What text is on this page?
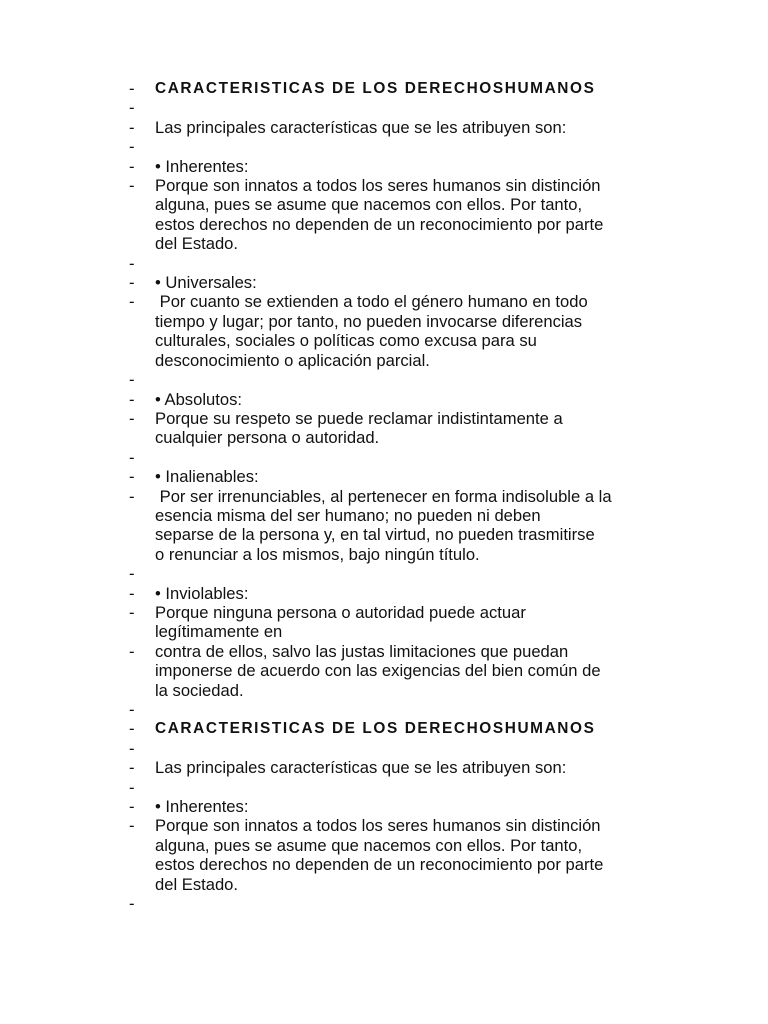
-	CARACTERISTICAS DE LOS DERECHOSHUMANOS
-
-	Las principales características que se les atribuyen son:
-
-	• Inherentes:
-	Porque son innatos a todos los seres humanos sin distinción
alguna, pues se asume que nacemos con ellos. Por tanto,
estos derechos no dependen de un reconocimiento por parte
del Estado.
-
-	• Universales:
-	Por cuanto se extienden a todo el género humano en todo
tiempo y lugar; por tanto, no pueden invocarse diferencias
culturales, sociales o políticas como excusa para su
desconocimiento o aplicación parcial.
-
-	• Absolutos:
-	Porque su respeto se puede reclamar indistintamente a
cualquier persona o autoridad.
-
-	• Inalienables:
-	Por ser irrenunciables, al pertenecer en forma indisoluble a la
esencia misma del ser humano; no pueden ni deben
separse de la persona y, en tal virtud, no pueden trasmitirse
o renunciar a los mismos, bajo ningún título.
-
-	• Inviolables:
-	Porque ninguna persona o autoridad puede actuar
legítimamente en
-	contra de ellos, salvo las justas limitaciones que puedan
imponerse de acuerdo con las exigencias del bien común de
la sociedad.
-
-	CARACTERISTICAS DE LOS DERECHOSHUMANOS
-
-	Las principales características que se les atribuyen son:
-
-	• Inherentes:
-	Porque son innatos a todos los seres humanos sin distinción
alguna, pues se asume que nacemos con ellos. Por tanto,
estos derechos no dependen de un reconocimiento por parte
del Estado.
-
